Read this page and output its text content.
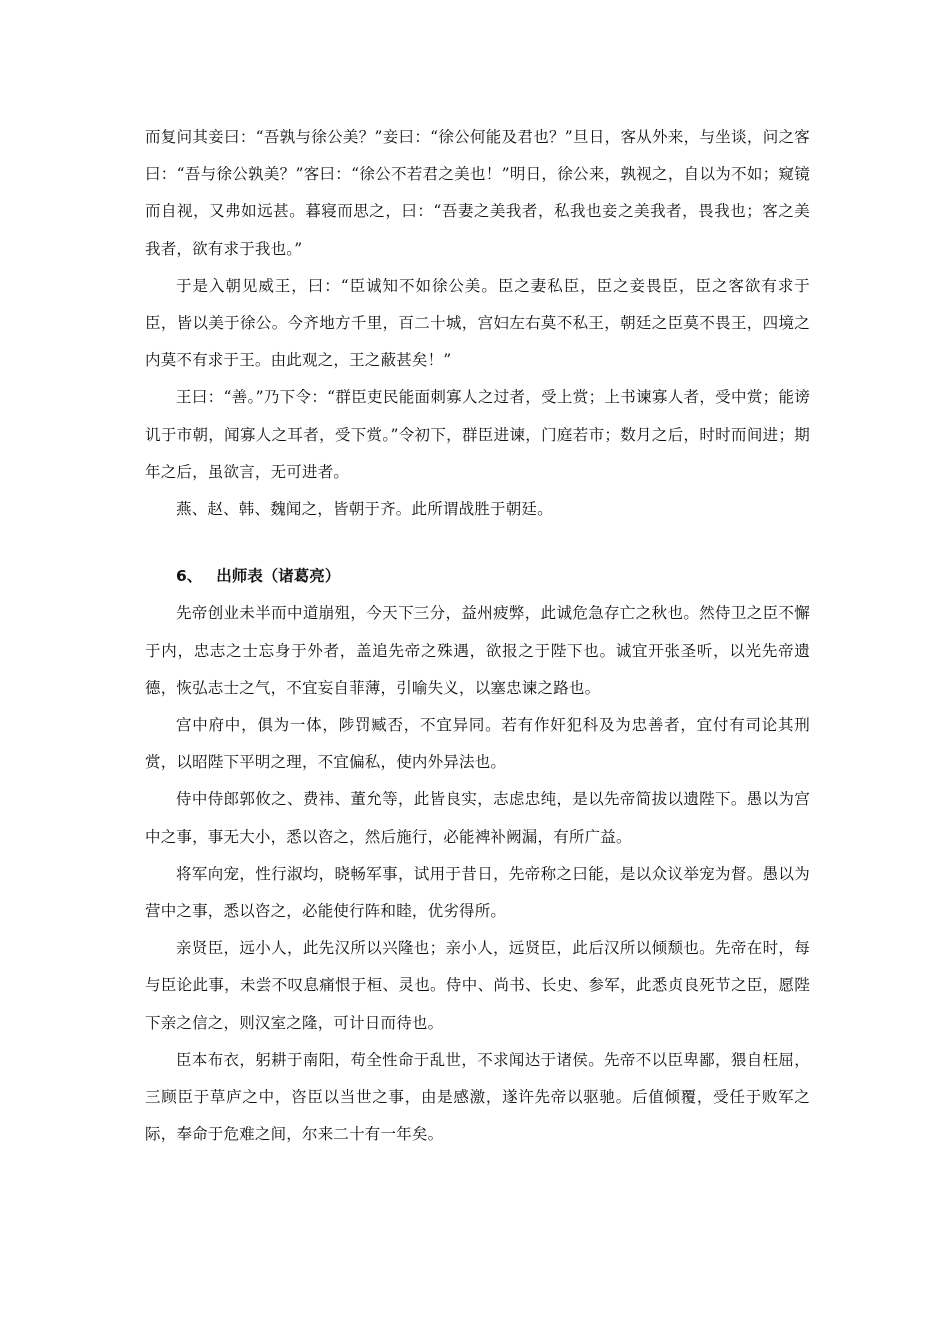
而复问其妾曰：“吾孰与徐公美？”妾曰：“徐公何能及君也？”旦日，客从外来，与坐谈，问之客曰：“吾与徐公孰美？”客曰：“徐公不若君之美也！”明日，徐公来，孰视之，自以为不如；窥镜而自视，又弗如远甚。暮寝而思之，曰：“吾妻之美我者，私我也妾之美我者，畏我也；客之美我者，欲有求于我也。”

于是入朝见威王，曰：“臣诚知不如徐公美。臣之妻私臣，臣之妾畏臣，臣之客欲有求于臣，皆以美于徐公。今齐地方千里，百二十城，宫妇左右莫不私王，朝廷之臣莫不畏王，四境之内莫不有求于王。由此观之，王之蔽甚矣！”

王曰：“善。”乃下令：“群臣吏民能面刺寡人之过者，受上赏；上书谏寡人者，受中赏；能谤讥于市朝，闻寡人之耳者，受下赏。”令初下，群臣进谏，门庭若市；数月之后，时时而间进；期年之后，虽欲言，无可进者。

燕、赵、韩、魏闻之，皆朝于齐。此所谓战胜于朝廷。

6、 出师表（诸葛亮）

先帝创业未半而中道崩殂，今天下三分，益州疲弊，此诚危急存亡之秋也。然侍卫之臣不懈于内，忠志之士忘身于外者，盖追先帝之殊遇，欲报之于陛下也。诚宜开张圣听，以光先帝遗德，恢弘志士之气，不宜妄自菲薄，引喻失义，以塞忠谏之路也。

宫中府中，俱为一体，陟罚臧否，不宜异同。若有作奸犯科及为忠善者，宜付有司论其刑赏，以昭陛下平明之理，不宜偏私，使内外异法也。

侍中侍郎郭攸之、费祎、董允等，此皆良实，志虑忠纯，是以先帝简拔以遗陛下。愚以为宫中之事，事无大小，悉以咨之，然后施行，必能裨补阙漏，有所广益。

将军向宠，性行淑均，晓畅军事，试用于昔日，先帝称之曰能，是以众议举宠为督。愚以为营中之事，悉以咨之，必能使行阵和睦，优劣得所。

亲贤臣，远小人，此先汉所以兴隆也；亲小人，远贤臣，此后汉所以倾颓也。先帝在时，每与臣论此事，未尝不叹息痛恨于桓、灵也。侍中、尚书、长史、参军，此悉贞良死节之臣，愿陛下亲之信之，则汉室之隆，可计日而待也。

臣本布衣，躬耕于南阳，苟全性命于乱世，不求闻达于诸侯。先帝不以臣卑鄙，猥自枉屈，三顾臣于草庐之中，咨臣以当世之事，由是感激，遂许先帝以驱驰。后值倾覆，受任于败军之际，奉命于危难之间，尔来二十有一年矣。
